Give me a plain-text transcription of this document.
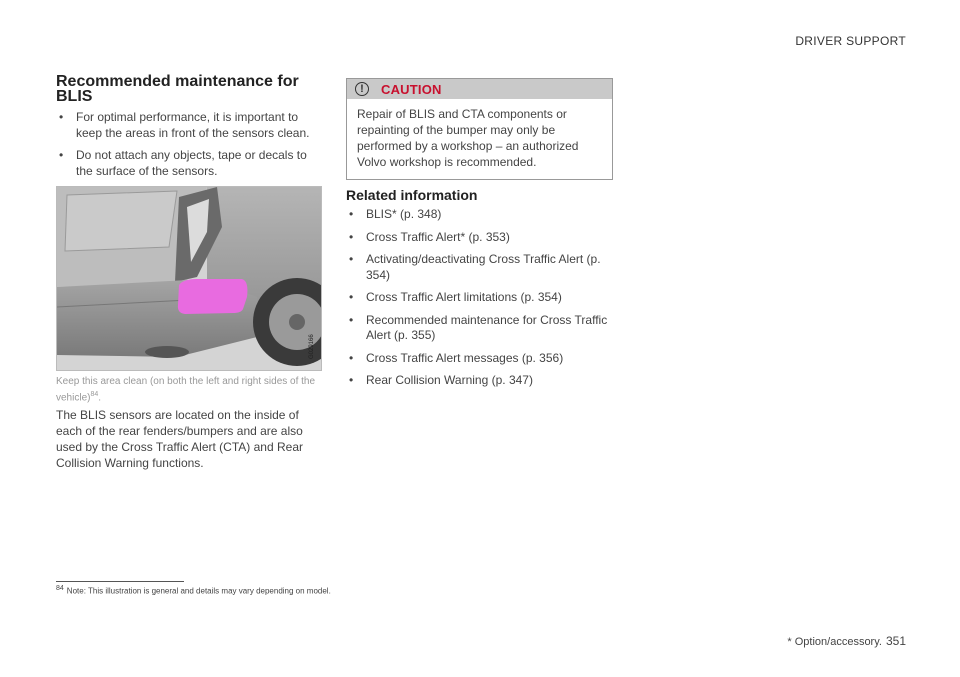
DRIVER SUPPORT
Recommended maintenance for BLIS
• For optimal performance, it is important to keep the areas in front of the sensors clean.
• Do not attach any objects, tape or decals to the surface of the sensors.
G029166
Keep this area clean (on both the left and right sides of the vehicle)$^{84}$.
The BLIS sensors are located on the inside of each of the rear fenders/bumpers and are also used by the Cross Traffic Alert (CTA) and Rear Collision Warning functions.
!	CAUTION
Repair of BLIS and CTA components or repainting of the bumper may only be performed by a workshop – an authorized Volvo workshop is recommended.
Related information
• BLIS* (p. 348)
• Cross Traffic Alert* (p. 353)
• Activating/deactivating Cross Traffic Alert (p. 354)
• Cross Traffic Alert limitations (p. 354)
• Recommended maintenance for Cross Traffic Alert (p. 355)
• Cross Traffic Alert messages (p. 356)
• Rear Collision Warning (p. 347)
84 Note: This illustration is general and details may vary depending on model.
* Option/accessory. 351
